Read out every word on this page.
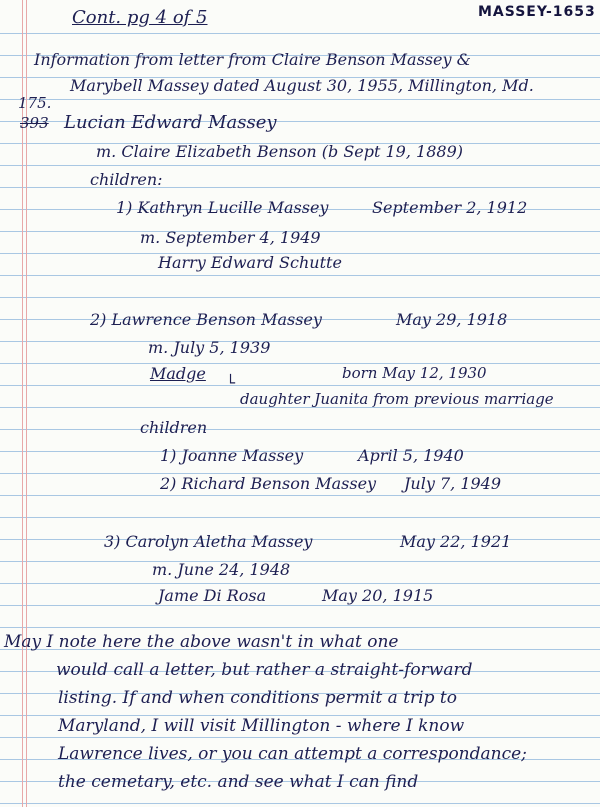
Cont. pg 4 of 5	MASSEY-1653
Information from letter from Claire Benson Massey &
Marybell Massey dated August 30, 1955, Millington, Md.
175.
393 Lucian Edward Massey
m. Claire Elizabeth Benson (b Sept 19, 1889)
children:
1) Kathryn Lucille Massey	September 2, 1912
m. September 4, 1949
Harry Edward Schutte
2) Lawrence Benson Massey	May 29, 1918
m. July 5, 1939
Madge	born May 12, 1930
└
daughter Juanita from previous marriage
children
1) Joanne Massey	April 5, 1940
2) Richard Benson Massey July 7, 1949
3) Carolyn Aletha Massey	May 22, 1921
m. June 24, 1948
Jame Di Rosa	May 20, 1915
May I note here the above wasn't in what one
would call a letter, but rather a straight-forward
listing. If and when conditions permit a trip to
Maryland, I will visit Millington - where I know
Lawrence lives, or you can attempt a correspondance;
the cemetary, etc. and see what I can find
